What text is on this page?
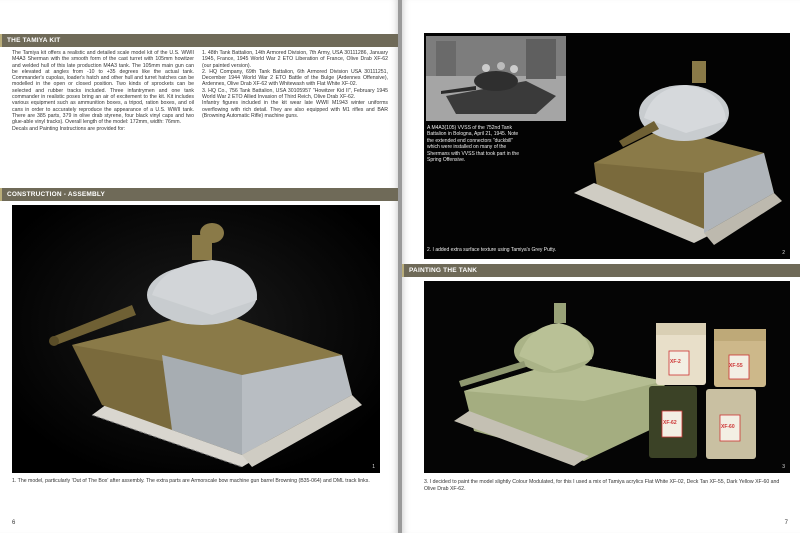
THE TAMIYA KIT

The Tamiya kit offers a realistic and detailed scale model kit of the U.S. WWII M4A3 Sherman with the smooth form of the cast turret with 105mm howitzer and welded hull of this late production M4A3 tank. The 105mm main gun can be elevated at angles from -10 to +35 degrees like the actual tank. Commander's cupolas, loader's hatch and other hull and turret hatches can be modelled in the open or closed position. Two kinds of sprockets can be selected and rubber tracks included. Three infantrymen and one tank commander in realistic poses bring an air of excitement to the kit. Kit includes various equipment such as ammunition boxes, a tripod, ration boxes, and oil cans in order to accurately reproduce the appearance of a U.S. WWII tank. There are 385 parts, 379 in olive drab styrene, four black vinyl caps and two glue-able vinyl tracks). Overall length of the model: 172mm, width: 76mm.

Decals and Painting Instructions are provided for:

1. 48th Tank Battalion, 14th Armored Division, 7th Army, USA 30111286, January 1945, France, 1945 World War 2 ETO Liberation of France, Olive Drab XF-62 (our painted version).

2. HQ Company, 69th Tank Battalion, 6th Armored Division USA 30111251, December 1944 World War 2 ETO Battle of the Bulge (Ardennes Offensive), Ardennes, Olive Drab XF-62 with Whitewash with Flat White XF-02.

3. HQ Co., 756 Tank Battalion, USA 30105957 "Howitzer Kid II", February 1945 World War 2 ETO Allied Invasion of Third Reich, Olive Drab XF-62.

Infantry figures included in the kit wear late WWII M1943 winter uniforms overflowing with rich detail. They are also equipped with M1 rifles and BAR (Browning Automatic Rifle) machine guns.

CONSTRUCTION - ASSEMBLY
1
1. The model, particularly 'Out of The Box' after assembly. The extra parts are Armorscale bow machine gun barrel Browning (B35-064) and DML track links.
6
A M4A3(105) VVSS of the 752nd Tank Battalion in Bologna, April 21, 1945. Note the extended end connectors "duckbill" which were installed on many of the Shermans with VVSS that took part in the Spring Offensive.
2. I added extra surface texture using Tamiya's Grey Putty.	2
PAINTING THE TANK
XF-2
XF-55
XF-62
XF-60
3
3. I decided to paint the model slightly Colour Modulated, for this I used a mix of Tamiya acrylics Flat White XF-02, Deck Tan XF-55, Dark Yellow XF-60 and Olive Drab XF-62.
7
